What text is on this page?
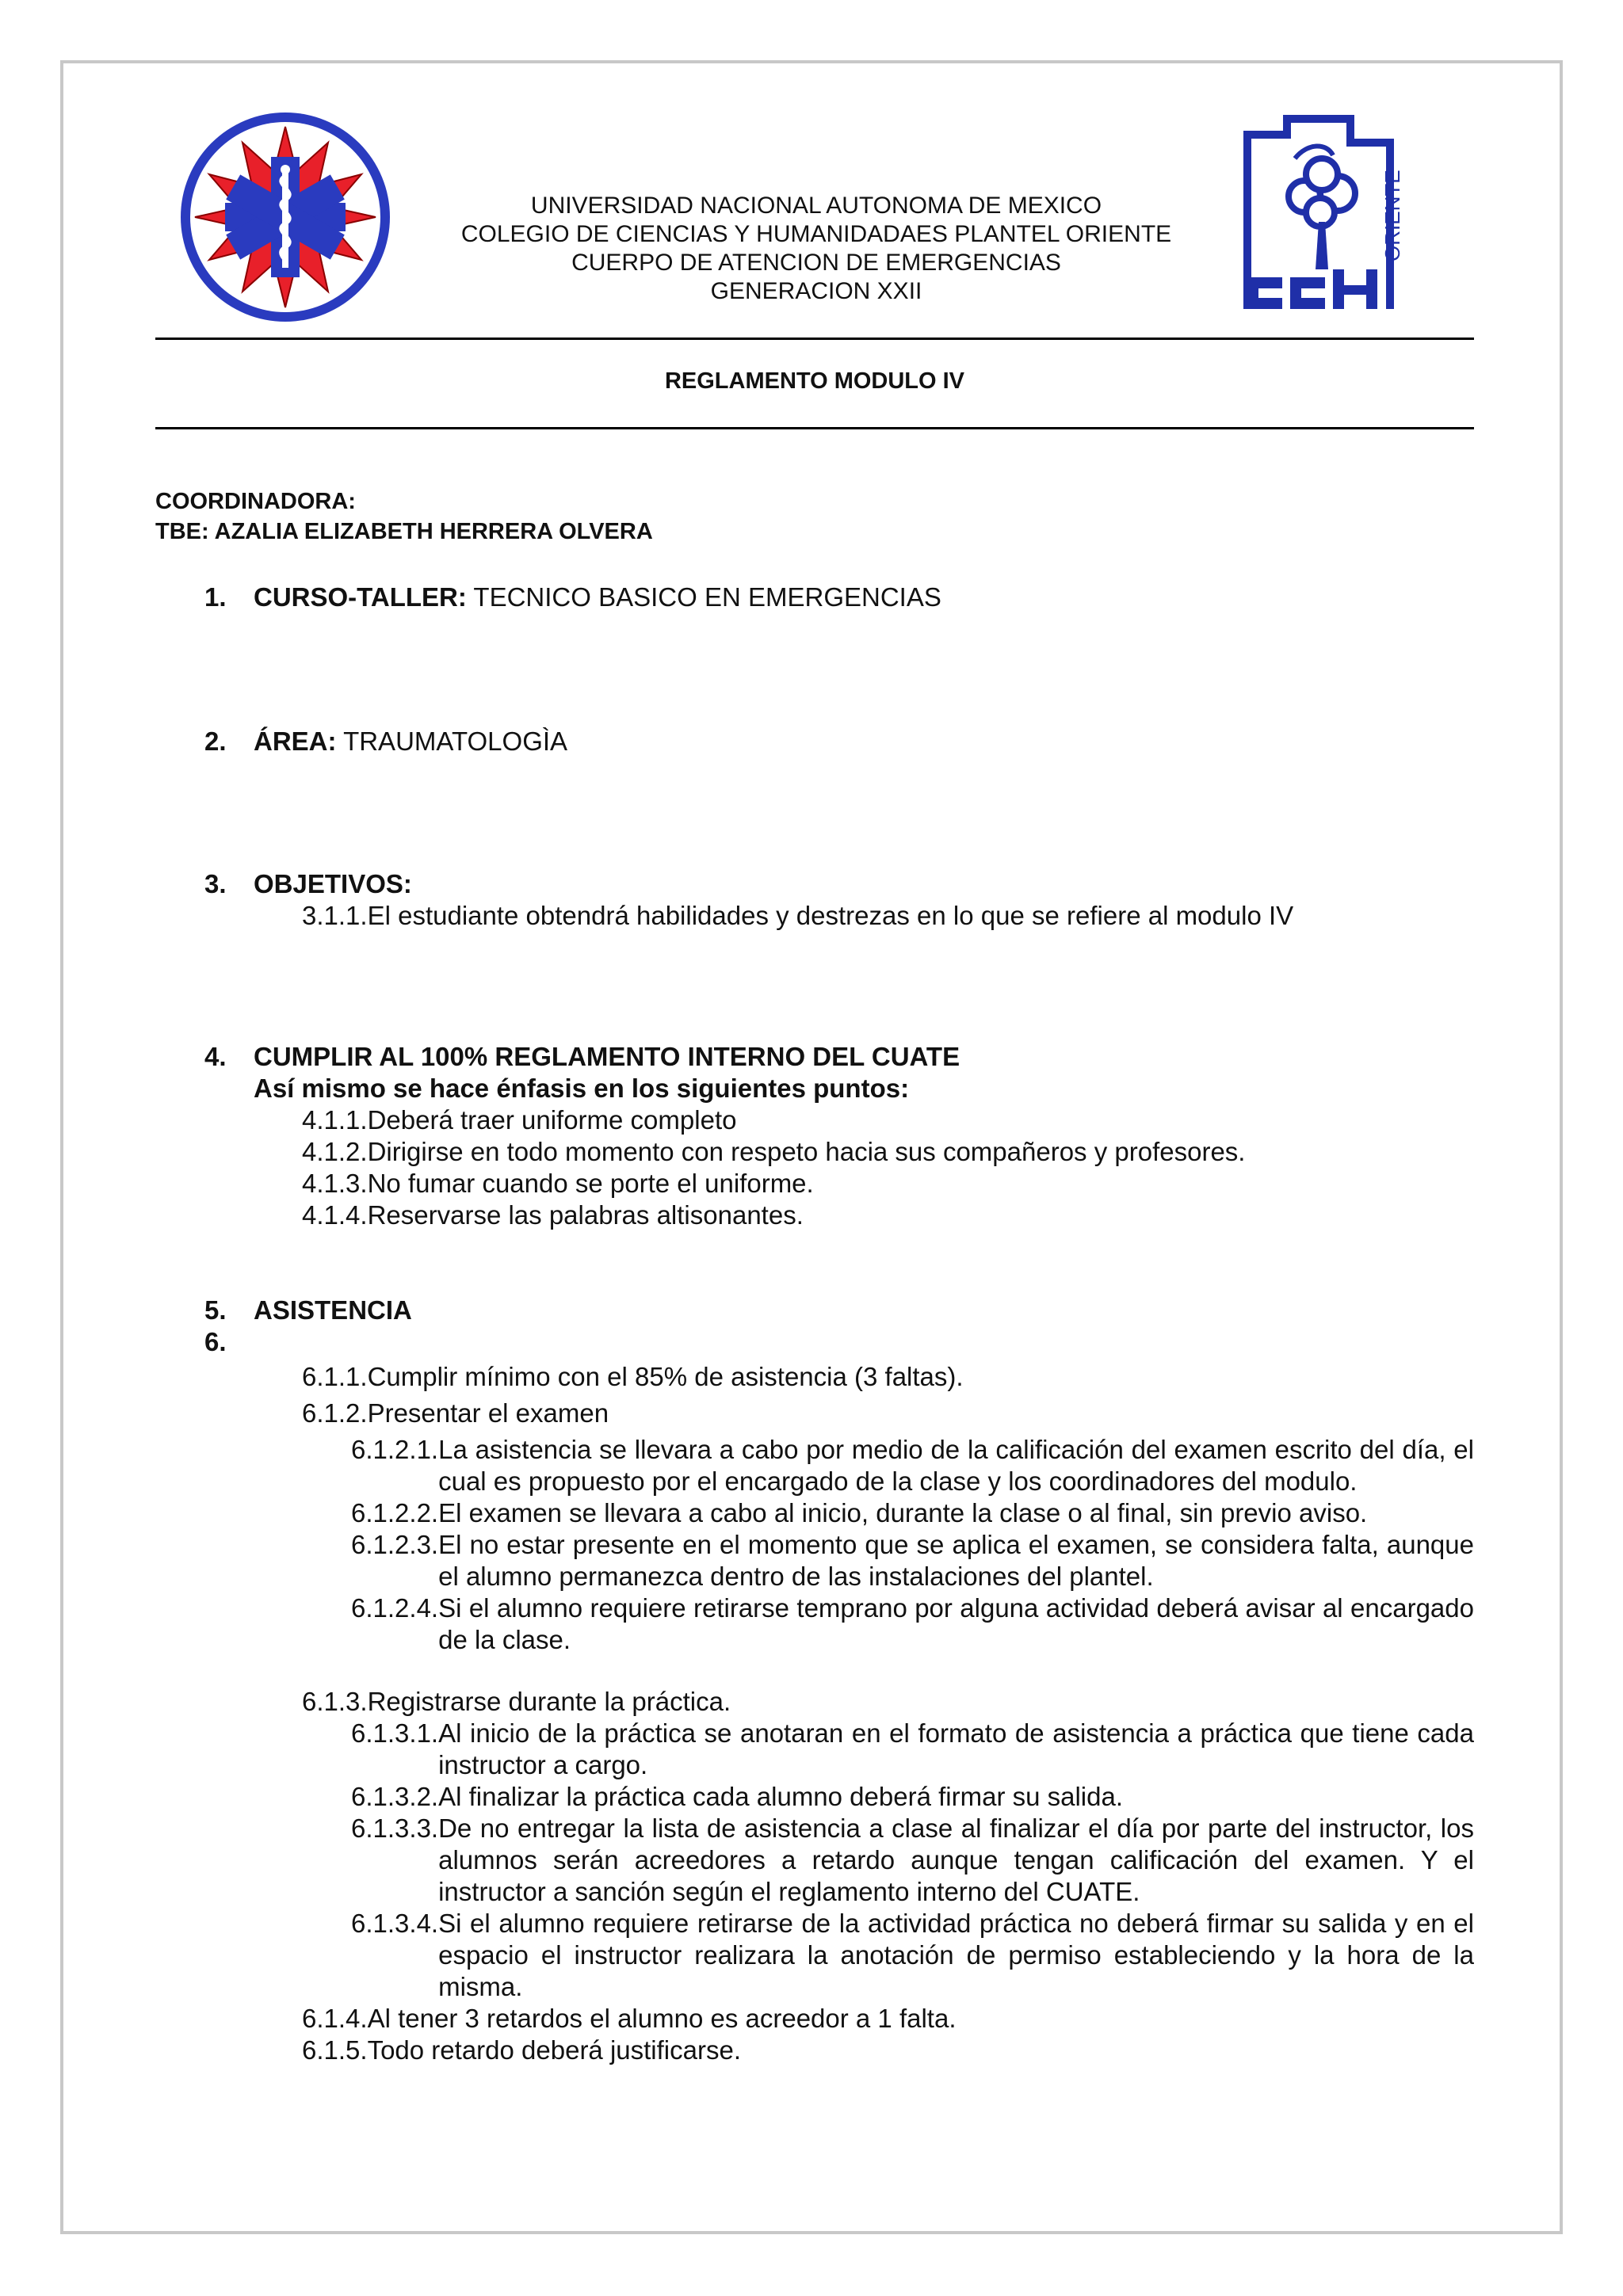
ORIENTE
UNIVERSIDAD NACIONAL AUTONOMA DE MEXICO
COLEGIO DE CIENCIAS Y HUMANIDADAES PLANTEL ORIENTE
CUERPO DE ATENCION DE EMERGENCIAS
GENERACION XXII
REGLAMENTO MODULO IV
COORDINADORA:
TBE: AZALIA ELIZABETH HERRERA OLVERA
1.	CURSO-TALLER: TECNICO BASICO EN EMERGENCIAS
2.	ÁREA: TRAUMATOLOGÌA
3.	OBJETIVOS:
3.1.1. El estudiante obtendrá habilidades y destrezas en lo que se refiere al modulo IV
4.	CUMPLIR AL 100% REGLAMENTO INTERNO DEL CUATE
Así mismo se hace énfasis en los siguientes puntos:
4.1.1. Deberá traer uniforme completo
4.1.2. Dirigirse en todo momento con respeto hacia sus compañeros y profesores.
4.1.3. No fumar cuando se porte el uniforme.
4.1.4. Reservarse las palabras altisonantes.
5.	ASISTENCIA
6.
6.1.1. Cumplir mínimo con el 85% de asistencia (3 faltas).
6.1.2. Presentar el examen
6.1.2.1. La asistencia se llevara a cabo por medio de la calificación del examen escrito del día, el cual es propuesto por el encargado de la clase y los coordinadores del modulo.
6.1.2.2. El examen se llevara a cabo al inicio, durante la clase o al final, sin previo aviso.
6.1.2.3. El no estar presente en el momento que se aplica el examen, se considera falta, aunque el alumno permanezca dentro de las instalaciones del plantel.
6.1.2.4. Si el alumno requiere retirarse temprano por alguna actividad deberá avisar al encargado de la clase.
6.1.3. Registrarse durante la práctica.
6.1.3.1. Al inicio de la práctica se anotaran en el formato de asistencia a práctica que tiene cada instructor a cargo.
6.1.3.2. Al finalizar la práctica cada alumno deberá firmar su salida.
6.1.3.3. De no entregar la lista de asistencia a clase al finalizar el día por parte del instructor, los alumnos serán acreedores a retardo aunque tengan calificación del examen. Y el instructor a sanción según el reglamento interno del CUATE.
6.1.3.4. Si el alumno requiere retirarse de la actividad práctica no deberá firmar su salida y en el espacio el instructor realizara la anotación de permiso estableciendo y la hora de la misma.
6.1.4. Al tener 3 retardos el alumno es acreedor a 1 falta.
6.1.5. Todo retardo deberá justificarse.
